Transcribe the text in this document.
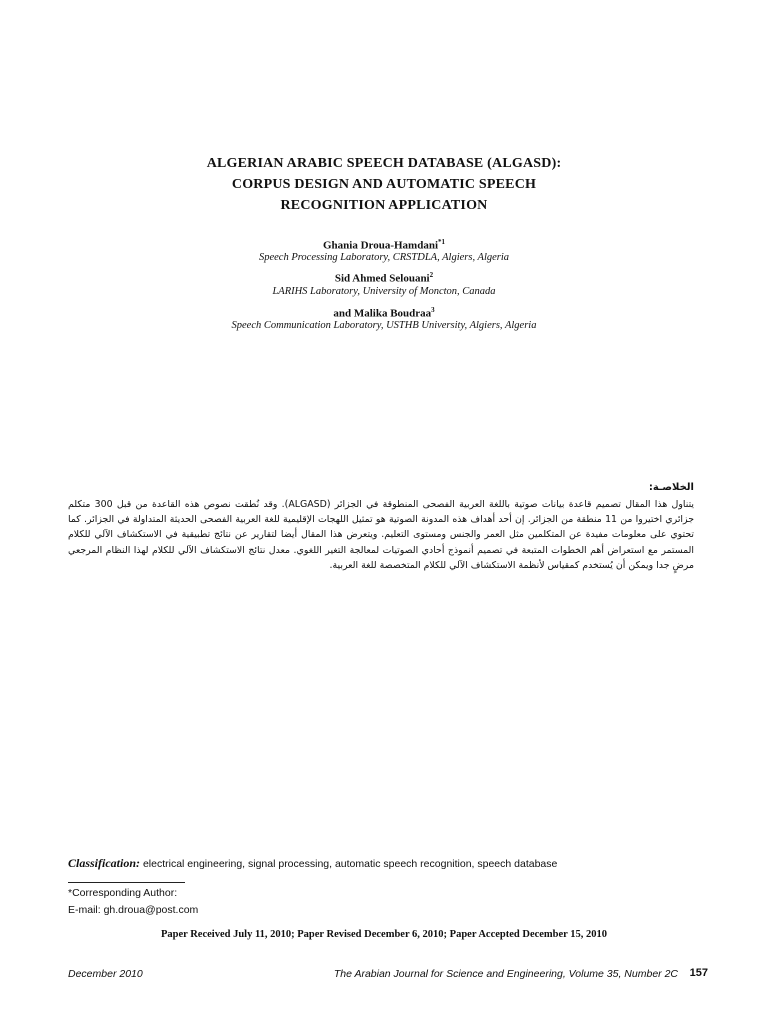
ALGERIAN ARABIC SPEECH DATABASE (ALGASD):
CORPUS DESIGN AND AUTOMATIC SPEECH
RECOGNITION APPLICATION
Ghania Droua-Hamdani$^{*1}$
Speech Processing Laboratory, CRSTDLA, Algiers, Algeria
Sid Ahmed Selouani$^2$
LARIHS Laboratory, University of Moncton, Canada
and Malika Boudraa$^3$
Speech Communication Laboratory, USTHB University, Algiers, Algeria
الخلاصـة:
يتناول هذا المقال تصميم قاعدة بيانات صوتية باللغة العربية الفصحى المنطوقة في الجزائر (ALGASD). وقد نُطقت نصوص هذه القاعدة من قبل 300 متكلم جزائري اختيروا من 11 منطقة من الجزائر. إن أحد أهداف هذه المدونة الصوتية هو تمثيل اللهجات الإقليمية للغة العربية الفصحى الحديثة المتداولة في الجزائر. كما تحتوي على معلومات مفيدة عن المتكلمين مثل العمر والجنس ومستوى التعليم. ويتعرض هذا المقال أيضا لتقارير عن نتائج تطبيقية في الاستكشاف الآلي للكلام المستمر مع استعراض أهم الخطوات المتبعة في تصميم أنموذج أحادي الصوتيات لمعالجة التغير اللغوي. معدل نتائج الاستكشاف الآلي للكلام لهذا النظام المرجعي مرضٍ جدا ويمكن أن يُستخدم كمقياس لأنظمة الاستكشاف الآلي للكلام المتخصصة للغة العربية.
Classification: electrical engineering, signal processing, automatic speech recognition, speech database
*Corresponding Author:
E-mail: gh.droua@post.com
Paper Received July 11, 2010; Paper Revised December 6, 2010; Paper Accepted December 15, 2010
December 2010	The Arabian Journal for Science and Engineering, Volume 35, Number 2C 157
